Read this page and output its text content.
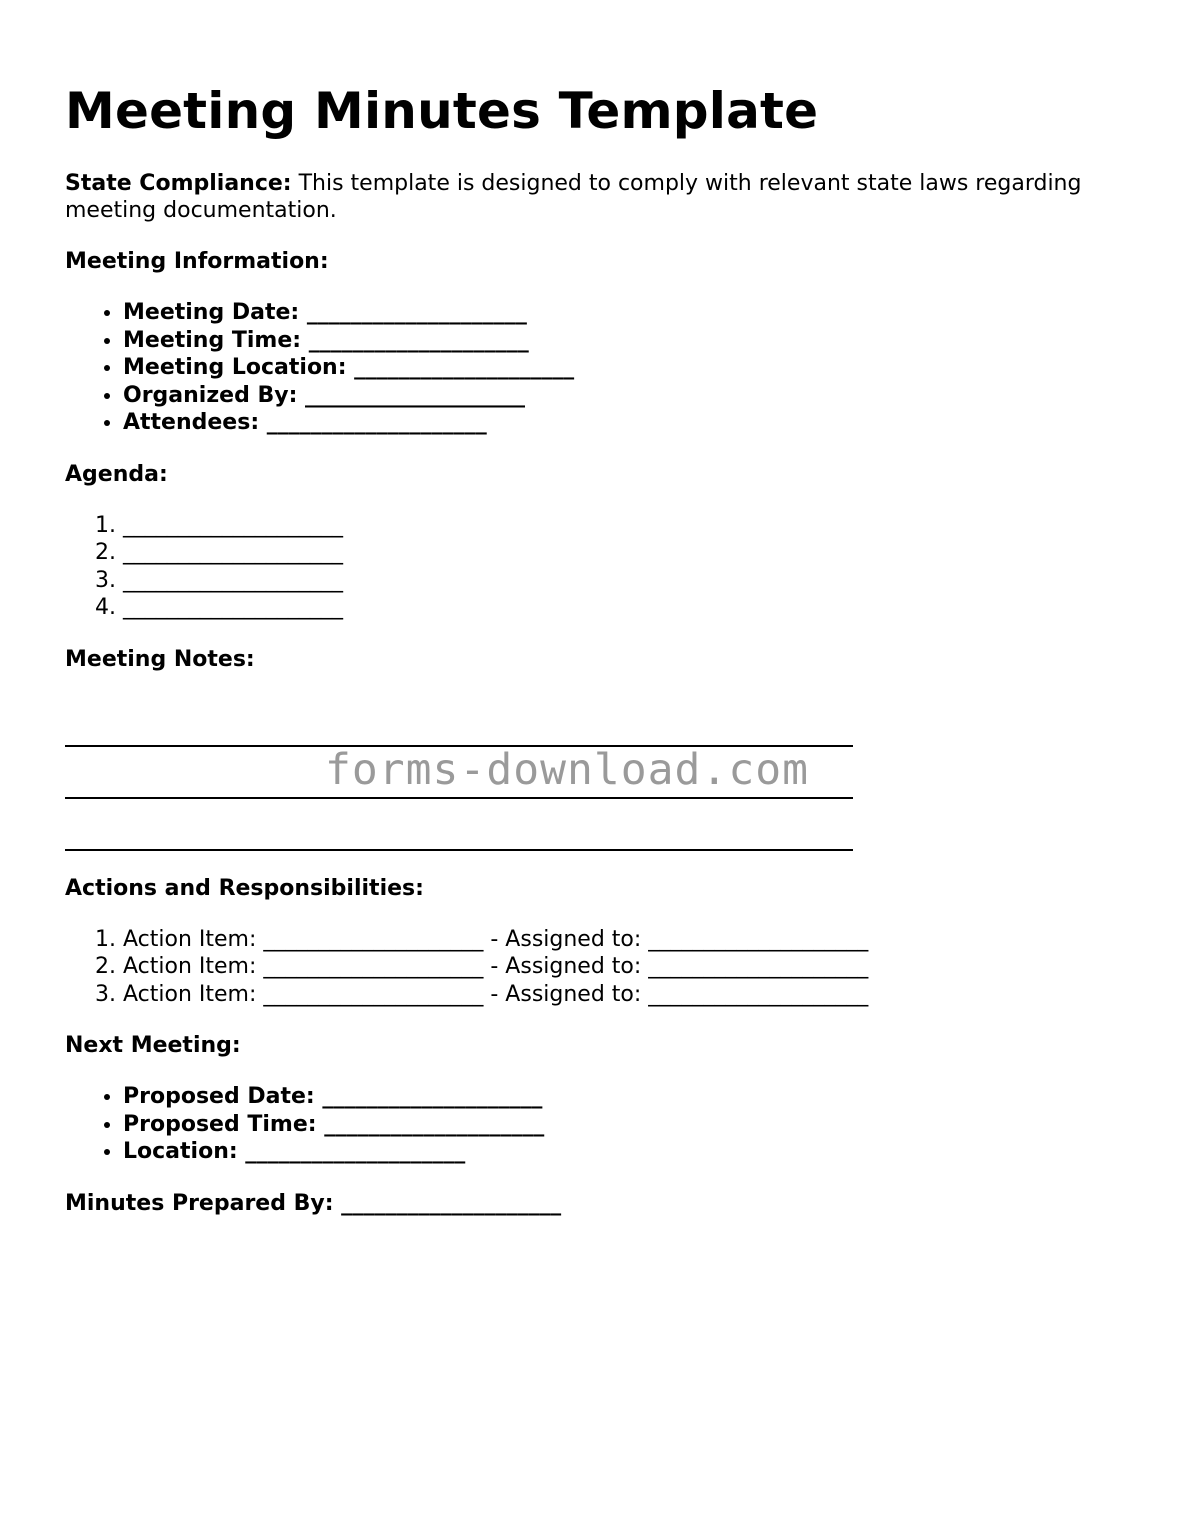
Meeting Minutes Template

State Compliance: This template is designed to comply with relevant state laws regarding meeting documentation.

Meeting Information:
• Meeting Date: ____________________
• Meeting Time: ____________________
• Meeting Location: ____________________
• Organized By: ____________________
• Attendees: ____________________
Agenda:
1. ____________________
2. ____________________
3. ____________________
4. ____________________
Meeting Notes:
Actions and Responsibilities:
1. Action Item: ____________________ - Assigned to: ____________________
2. Action Item: ____________________ - Assigned to: ____________________
3. Action Item: ____________________ - Assigned to: ____________________
Next Meeting:
• Proposed Date: ____________________
• Proposed Time: ____________________
• Location: ____________________
Minutes Prepared By: ____________________
forms-download.com
